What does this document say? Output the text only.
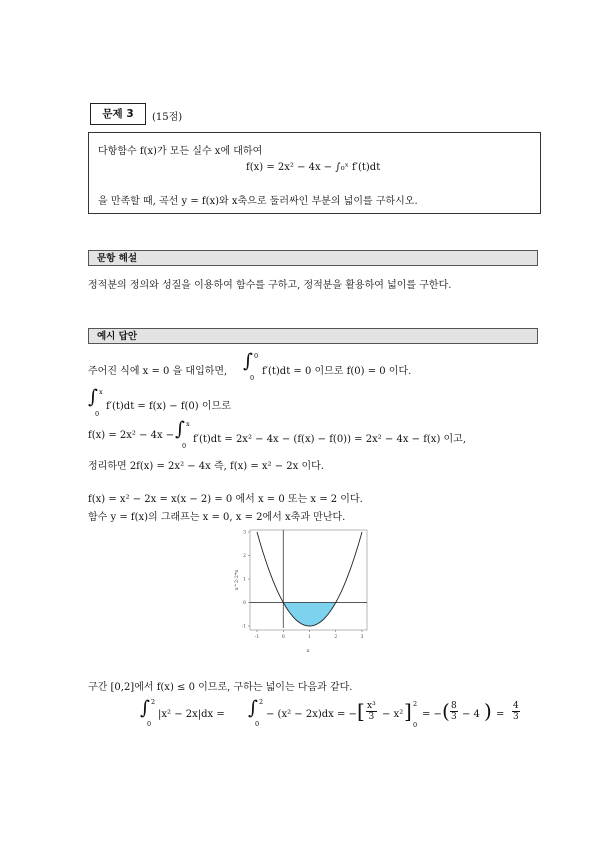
문제 3	(15점)
다항함수 f(x)가 모든 실수 x에 대하여
f(x) = 2x² − 4x − ∫₀ˣ f′(t)dt
을 만족할 때, 곡선 y = f(x)와 x축으로 둘러싸인 부분의 넓이를 구하시오.
문항 해설
정적분의 정의와 성질을 이용하여 함수를 구하고, 정적분을 활용하여 넓이를 구한다.
예시 답안
주어진 식에 x = 0 을 대입하면, ∫ 0
0
f′(t)dt = 0 이므로 f(0) = 0 이다.
∫ x
0
f′(t)dt = f(x) − f(0) 이므로
f(x) = 2x² − 4x − ∫ x
0
f′(t)dt = 2x² − 4x − (f(x) − f(0)) = 2x² − 4x − f(x) 이고,
정리하면 2f(x) = 2x² − 4x 즉, f(x) = x² − 2x 이다.
f(x) = x² − 2x = x(x − 2) = 0 에서 x = 0 또는 x = 2 이다.
함수 y = f(x)의 그래프는 x = 0, x = 2에서 x축과 만난다.
-1	0	1	2	3
-1
0
1
2
3
x
x^2-2*x
구간 [0,2]에서 f(x) ≤ 0 이므로, 구하는 넓이는 다음과 같다.
∫ 2
0
|x² − 2x|dx = ∫ 2
0
− (x² − 2x)dx = − [ $\frac{\text{x³}}{3} - x^2$ ] 2
0
= − ( $\frac{8}{3} - 4$ ) = $\frac{4}{3}$
